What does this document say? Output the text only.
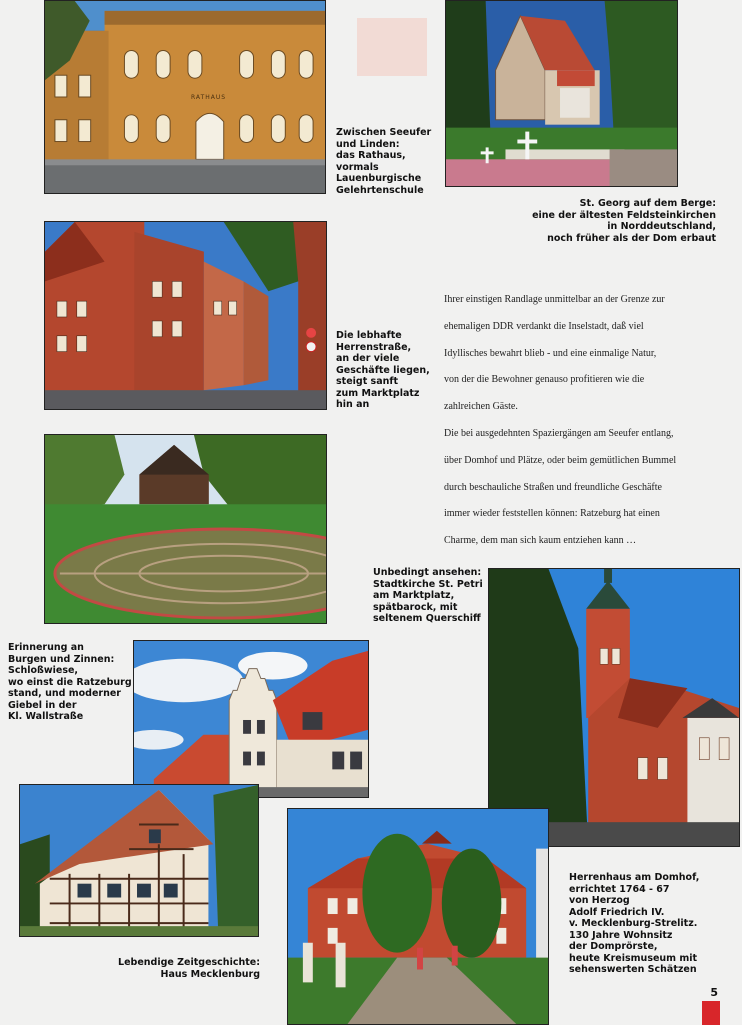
RATHAUS
Zwischen Seeufer
und Linden:
das Rathaus,
vormals
Lauenburgische
Gelehrtenschule
St. Georg auf dem Berge:
eine der ältesten Feldsteinkirchen
in Norddeutschland,
noch früher als der Dom erbaut
Die lebhafte
Herrenstraße,
an der viele
Geschäfte liegen,
steigt sanft
zum Marktplatz
hin an
Ihrer einstigen Randlage unmittelbar an der Grenze zur
ehemaligen DDR verdankt die Inselstadt, daß viel
Idyllisches bewahrt blieb - und eine einmalige Natur,
von der die Bewohner genauso profitieren wie die
zahlreichen Gäste.
Die bei ausgedehnten Spaziergängen am Seeufer entlang,
über Domhof und Plätze, oder beim gemütlichen Bummel
durch beschauliche Straßen und freundliche Geschäfte
immer wieder feststellen können: Ratzeburg hat einen
Charme, dem man sich kaum entziehen kann …
Unbedingt ansehen:
Stadtkirche St. Petri
am Marktplatz,
spätbarock, mit
seltenem Querschiff
Erinnerung an
Burgen und Zinnen:
Schloßwiese,
wo einst die Ratzeburg
stand, und moderner
Giebel in der
Kl. Wallstraße
Lebendige Zeitgeschichte:
Haus Mecklenburg
Herrenhaus am Domhof,
errichtet 1764 - 67
von Herzog
Adolf Friedrich IV.
v. Mecklenburg-Strelitz.
130 Jahre Wohnsitz
der Domprörste,
heute Kreismuseum mit
sehenswerten Schätzen
5
